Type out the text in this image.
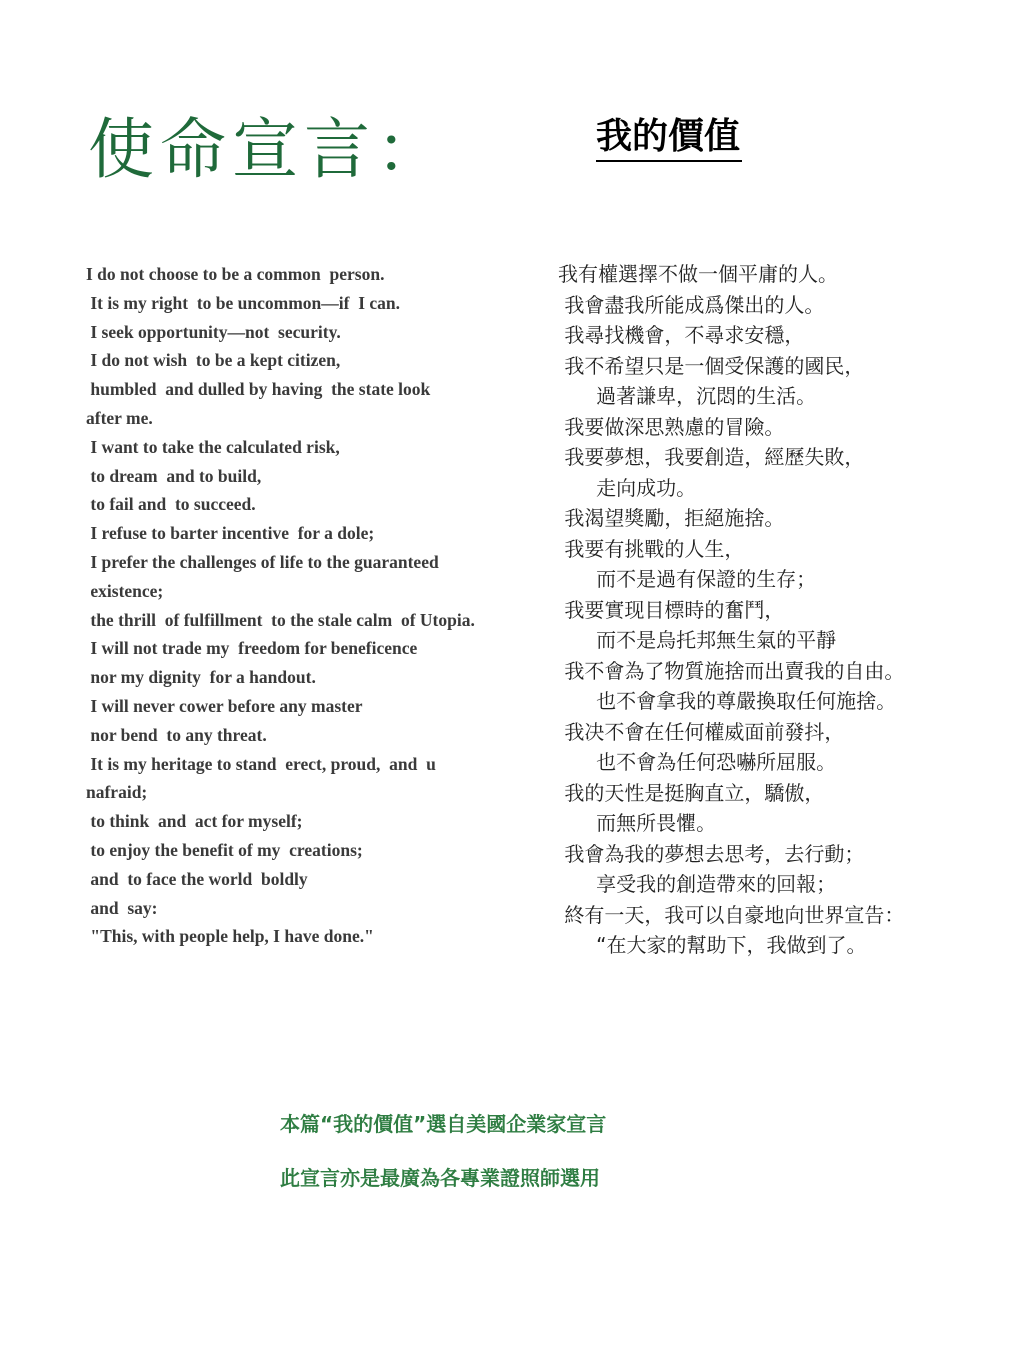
使命宣言：	我的價值
I do not choose to be a common  person.
It is my right  to be uncommon—if  I can.
I seek opportunity—not  security.
I do not wish  to be a kept citizen,
humbled  and dulled by having  the state look
after me.
I want to take the calculated risk,
to dream  and to build,
to fail and  to succeed.
I refuse to barter incentive  for a dole;
I prefer the challenges of life to the guaranteed
existence;
the thrill  of fulfillment  to the stale calm  of Utopia.
I will not trade my  freedom for beneficence
nor my dignity  for a handout.
I will never cower before any master
nor bend  to any threat.
It is my heritage to stand  erect, proud,  and  u
nafraid;
to think  and  act for myself;
to enjoy the benefit of my  creations;
and  to face the world  boldly
and  say:
"This, with people help, I have done."
我有權選擇不做一個平庸的人。
我會盡我所能成爲傑出的人。
我尋找機會，不尋求安穩，
我不希望只是一個受保護的國民，
過著謙卑，沉悶的生活。
我要做深思熟慮的冒險。
我要夢想，我要創造，經歷失敗，
走向成功。
我渴望獎勵，拒絕施捨。
我要有挑戰的人生，
而不是過有保證的生存；
我要實现目標時的奮鬥，
而不是烏托邦無生氣的平靜
我不會為了物質施捨而出賣我的自由。
也不會拿我的尊嚴換取任何施捨。
我决不會在任何權威面前發抖，
也不會為任何恐嚇所屈服。
我的天性是挺胸直立，驕傲，
而無所畏懼。
我會為我的夢想去思考，去行動；
享受我的創造帶來的回報；
終有一天，我可以自豪地向世界宣告：
“在大家的幫助下，我做到了。

本篇“我的價值”選自美國企業家宣言

此宣言亦是最廣為各專業證照師選用
